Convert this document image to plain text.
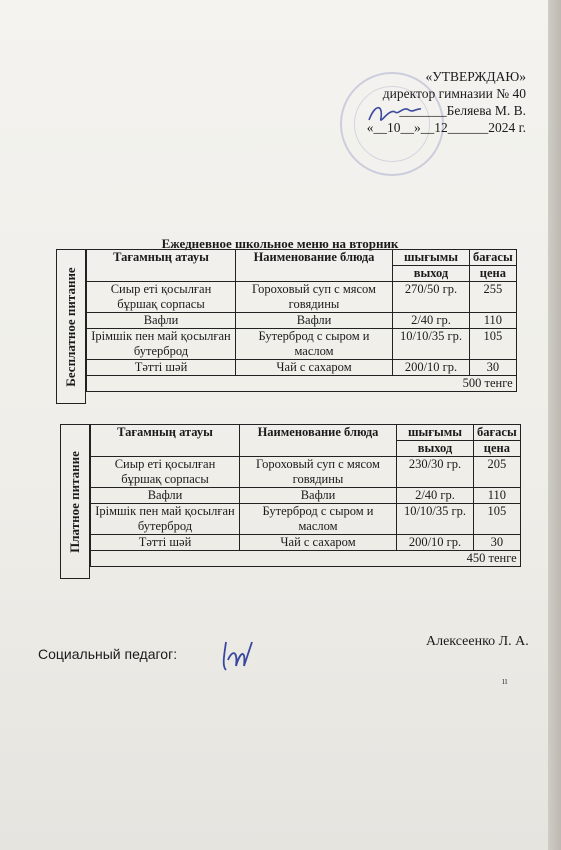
«УТВЕРЖДАЮ»
директор гимназии № 40
_______Беляева М. В.
«__10__»__12______2024 г.
Ежедневное школьное меню на вторник
Бесплатное питание
Тағамның атауы	Наименование блюда	шығымы	бағасы
		выход	цена
Сиыр еті қосылған бұршақ сорпасы	Гороховый суп с мясом говядины	270/50 гр.	255
Вафли	Вафли	2/40 гр.	110
Ірімшік пен май қосылған бутерброд	Бутерброд с сыром и маслом	10/10/35 гр.	105
Тәтті шәй	Чай с сахаром	200/10 гр.	30
500 тенге			
Платное питание
Тағамның атауы	Наименование блюда	шығымы	бағасы
		выход	цена
Сиыр еті қосылған бұршақ сорпасы	Гороховый суп с мясом говядины	230/30 гр.	205
Вафли	Вафли	2/40 гр.	110
Ірімшік пен май қосылған бутерброд	Бутерброд с сыром и маслом	10/10/35 гр.	105
Тәтті шәй	Чай с сахаром	200/10 гр.	30
450 тенге			
Социальный педагог:
Алексеенко Л. А.
ıı
